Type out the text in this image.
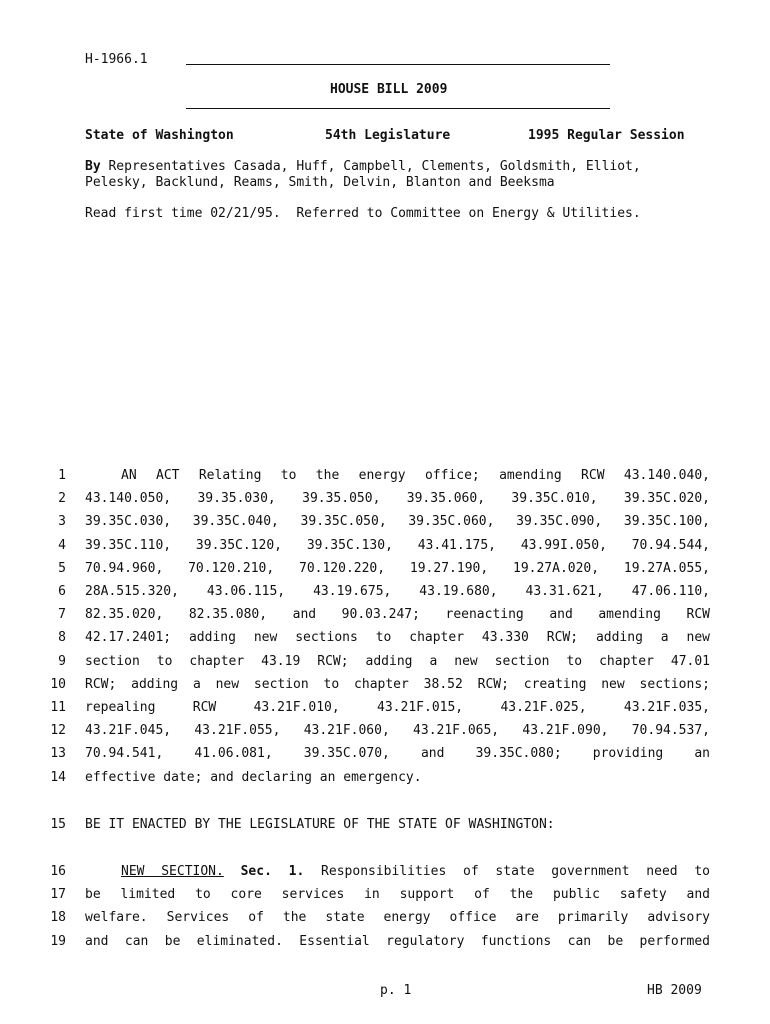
H-1966.1
HOUSE BILL 2009
State of Washington	54th Legislature	1995 Regular Session
By Representatives Casada, Huff, Campbell, Clements, Goldsmith, Elliot,
Pelesky, Backlund, Reams, Smith, Delvin, Blanton and Beeksma
Read first time 02/21/95.  Referred to Committee on Energy & Utilities.
1	AN ACT Relating to the energy office; amending RCW 43.140.040,
2 43.140.050, 39.35.030, 39.35.050, 39.35.060, 39.35C.010, 39.35C.020,
3 39.35C.030, 39.35C.040, 39.35C.050, 39.35C.060, 39.35C.090, 39.35C.100,
4 39.35C.110, 39.35C.120, 39.35C.130, 43.41.175, 43.99I.050, 70.94.544,
5 70.94.960, 70.120.210, 70.120.220, 19.27.190, 19.27A.020, 19.27A.055,
6 28A.515.320, 43.06.115, 43.19.675, 43.19.680, 43.31.621, 47.06.110,
7 82.35.020, 82.35.080, and 90.03.247; reenacting and amending RCW
8 42.17.2401; adding new sections to chapter 43.330 RCW; adding a new
9 section to chapter 43.19 RCW; adding a new section to chapter 47.01
10 RCW; adding a new section to chapter 38.52 RCW; creating new sections;
11 repealing RCW 43.21F.010, 43.21F.015, 43.21F.025, 43.21F.035,
12 43.21F.045, 43.21F.055, 43.21F.060, 43.21F.065, 43.21F.090, 70.94.537,
13 70.94.541, 41.06.081, 39.35C.070, and 39.35C.080; providing an
14 effective date; and declaring an emergency.
15 BE IT ENACTED BY THE LEGISLATURE OF THE STATE OF WASHINGTON:
16	NEW SECTION. Sec. 1. Responsibilities of state government need to
17 be limited to core services in support of the public safety and
18 welfare. Services of the state energy office are primarily advisory
19 and can be eliminated. Essential regulatory functions can be performed
p. 1	HB 2009
